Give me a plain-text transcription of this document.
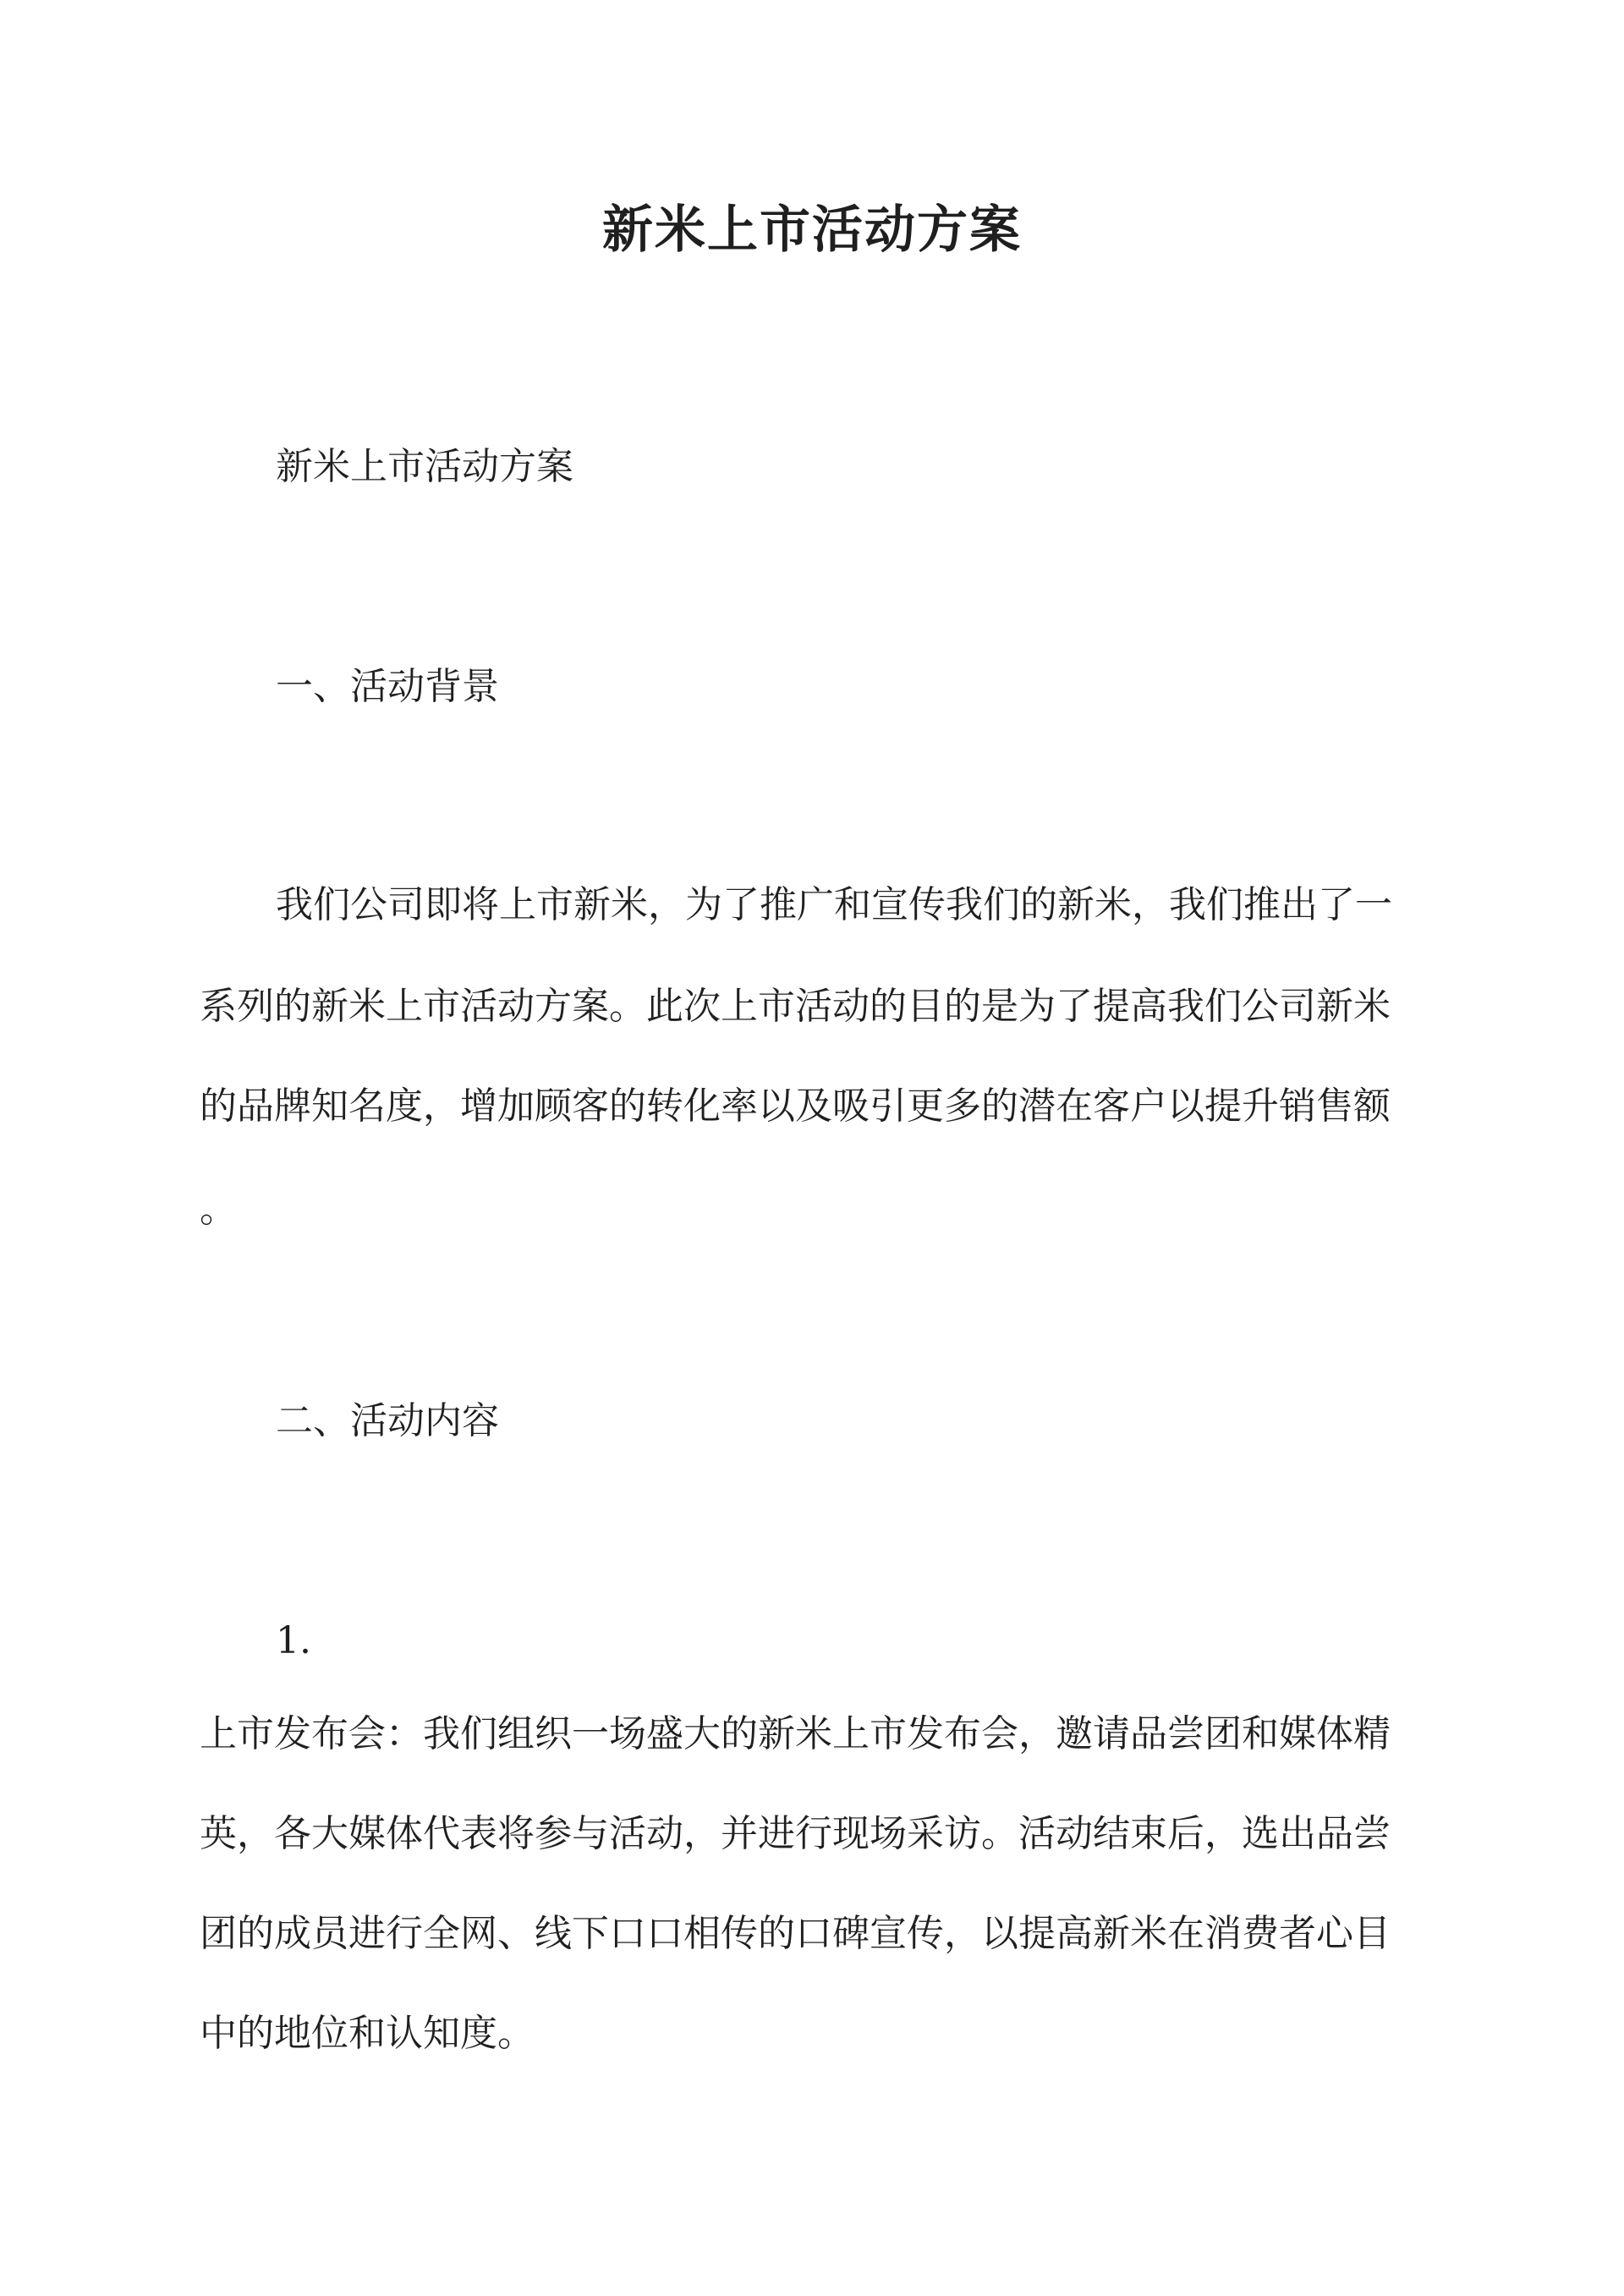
新米上市活动方案
新米上市活动方案
一、活动背景
我们公司即将上市新米，为了推广和宣传我们的新米，我们推出了一
系列的新米上市活动方案。此次上市活动的目的是为了提高我们公司新米
的品牌知名度，增加顾客的转化率以及吸引更多的潜在客户以提升销售额
。
二、活动内容
1.
上市发布会：我们组织一场盛大的新米上市发布会，邀请品尝团和媒体精
英，各大媒体代表将参与活动，并进行现场采访。活动结束后，选出品尝
团的成员进行全网、线下口口相传的口碑宣传，以提高新米在消费者心目
中的地位和认知度。
